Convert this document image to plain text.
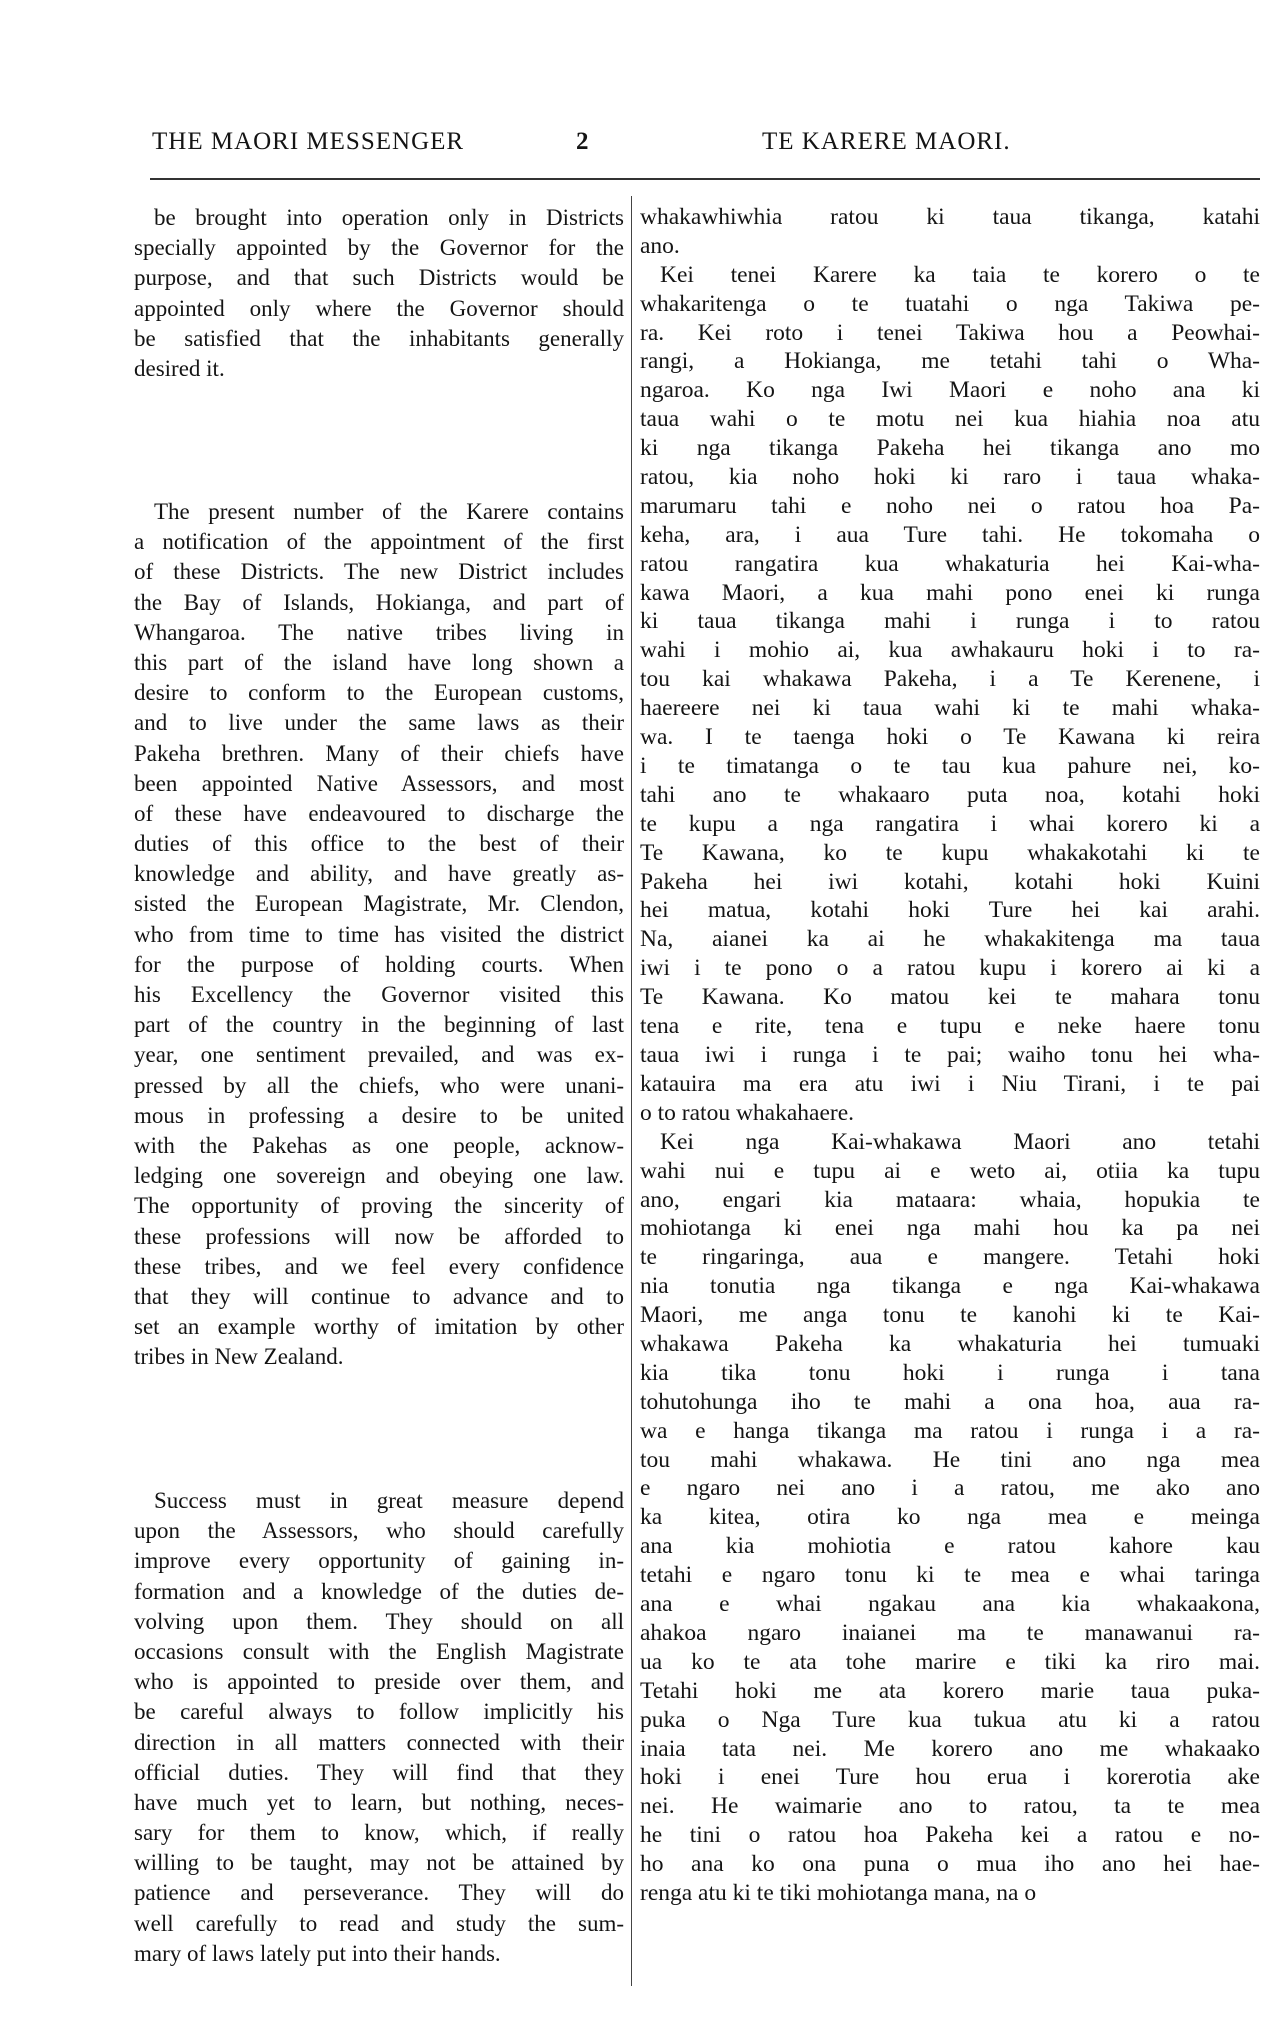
THE MAORI MESSENGER	2	TE KARERE MAORI.
be brought into operation only in Districts
specially appointed by the Governor for the
purpose, and that such Districts would be
appointed only where the Governor should
be satisfied that the inhabitants generally
desired it.
The present number of the Karere contains
a notification of the appointment of the first
of these Districts. The new District includes
the Bay of Islands, Hokianga, and part of
Whangaroa. The native tribes living in
this part of the island have long shown a
desire to conform to the European customs,
and to live under the same laws as their
Pakeha brethren. Many of their chiefs have
been appointed Native Assessors, and most
of these have endeavoured to discharge the
duties of this office to the best of their
knowledge and ability, and have greatly as-
sisted the European Magistrate, Mr. Clendon,
who from time to time has visited the district
for the purpose of holding courts. When
his Excellency the Governor visited this
part of the country in the beginning of last
year, one sentiment prevailed, and was ex-
pressed by all the chiefs, who were unani-
mous in professing a desire to be united
with the Pakehas as one people, acknow-
ledging one sovereign and obeying one law.
The opportunity of proving the sincerity of
these professions will now be afforded to
these tribes, and we feel every confidence
that they will continue to advance and to
set an example worthy of imitation by other
tribes in New Zealand.
Success must in great measure depend
upon the Assessors, who should carefully
improve every opportunity of gaining in-
formation and a knowledge of the duties de-
volving upon them. They should on all
occasions consult with the English Magistrate
who is appointed to preside over them, and
be careful always to follow implicitly his
direction in all matters connected with their
official duties. They will find that they
have much yet to learn, but nothing, neces-
sary for them to know, which, if really
willing to be taught, may not be attained by
patience and perseverance. They will do
well carefully to read and study the sum-
mary of laws lately put into their hands.
whakawhiwhia ratou ki taua tikanga, katahi
ano.
Kei tenei Karere ka taia te korero o te
whakaritenga o te tuatahi o nga Takiwa pe-
ra. Kei roto i tenei Takiwa hou a Peowhai-
rangi, a Hokianga, me tetahi tahi o Wha-
ngaroa. Ko nga Iwi Maori e noho ana ki
taua wahi o te motu nei kua hiahia noa atu
ki nga tikanga Pakeha hei tikanga ano mo
ratou, kia noho hoki ki raro i taua whaka-
marumaru tahi e noho nei o ratou hoa Pa-
keha, ara, i aua Ture tahi. He tokomaha o
ratou rangatira kua whakaturia hei Kai-wha-
kawa Maori, a kua mahi pono enei ki runga
ki taua tikanga mahi i runga i to ratou
wahi i mohio ai, kua awhakauru hoki i to ra-
tou kai whakawa Pakeha, i a Te Kerenene, i
haereere nei ki taua wahi ki te mahi whaka-
wa. I te taenga hoki o Te Kawana ki reira
i te timatanga o te tau kua pahure nei, ko-
tahi ano te whakaaro puta noa, kotahi hoki
te kupu a nga rangatira i whai korero ki a
Te Kawana, ko te kupu whakakotahi ki te
Pakeha hei iwi kotahi, kotahi hoki Kuini
hei matua, kotahi hoki Ture hei kai arahi.
Na, aianei ka ai he whakakitenga ma taua
iwi i te pono o a ratou kupu i korero ai ki a
Te Kawana. Ko matou kei te mahara tonu
tena e rite, tena e tupu e neke haere tonu
taua iwi i runga i te pai; waiho tonu hei wha-
katauira ma era atu iwi i Niu Tirani, i te pai
o to ratou whakahaere.
Kei nga Kai-whakawa Maori ano tetahi
wahi nui e tupu ai e weto ai, otiia ka tupu
ano, engari kia mataara: whaia, hopukia te
mohiotanga ki enei nga mahi hou ka pa nei
te ringaringa, aua e mangere. Tetahi hoki
nia tonutia nga tikanga e nga Kai-whakawa
Maori, me anga tonu te kanohi ki te Kai-
whakawa Pakeha ka whakaturia hei tumuaki
kia tika tonu hoki i runga i tana
tohutohunga iho te mahi a ona hoa, aua ra-
wa e hanga tikanga ma ratou i runga i a ra-
tou mahi whakawa. He tini ano nga mea
e ngaro nei ano i a ratou, me ako ano
ka kitea, otira ko nga mea e meinga
ana kia mohiotia e ratou kahore kau
tetahi e ngaro tonu ki te mea e whai taringa
ana e whai ngakau ana kia whakaakona,
ahakoa ngaro inaianei ma te manawanui ra-
ua ko te ata tohe marire e tiki ka riro mai.
Tetahi hoki me ata korero marie taua puka-
puka o Nga Ture kua tukua atu ki a ratou
inaia tata nei. Me korero ano me whakaako
hoki i enei Ture hou erua i korerotia ake
nei. He waimarie ano to ratou, ta te mea
he tini o ratou hoa Pakeha kei a ratou e no-
ho ana ko ona puna o mua iho ano hei hae-
renga atu ki te tiki mohiotanga mana, na o
